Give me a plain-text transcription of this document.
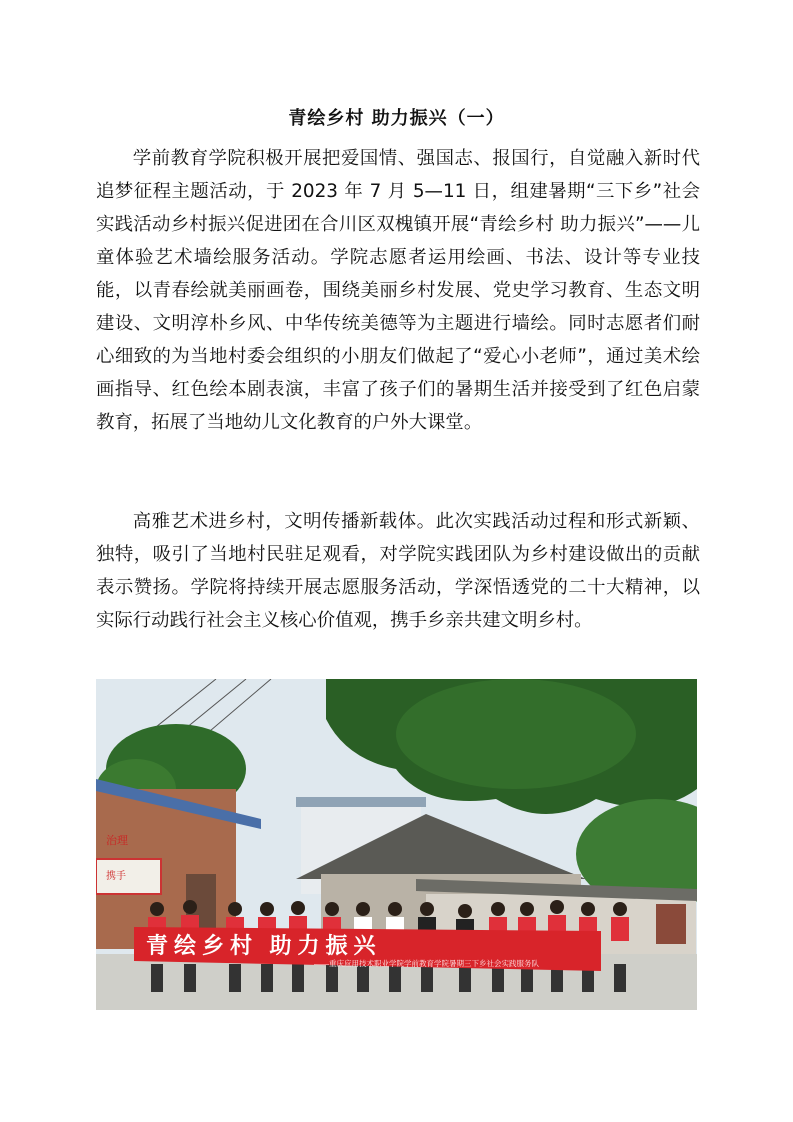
青绘乡村 助力振兴（一）

学前教育学院积极开展把爱国情、强国志、报国行，自觉融入新时代追梦征程主题活动，于 2023 年 7 月 5—11 日，组建暑期“三下乡”社会实践活动乡村振兴促进团在合川区双槐镇开展“青绘乡村 助力振兴”——儿童体验艺术墙绘服务活动。学院志愿者运用绘画、书法、设计等专业技能，以青春绘就美丽画卷，围绕美丽乡村发展、党史学习教育、生态文明建设、文明淳朴乡风、中华传统美德等为主题进行墙绘。同时志愿者们耐心细致的为当地村委会组织的小朋友们做起了“爱心小老师”，通过美术绘画指导、红色绘本剧表演，丰富了孩子们的暑期生活并接受到了红色启蒙教育，拓展了当地幼儿文化教育的户外大课堂。

高雅艺术进乡村，文明传播新载体。此次实践活动过程和形式新颖、独特，吸引了当地村民驻足观看，对学院实践团队为乡村建设做出的贡献表示赞扬。学院将持续开展志愿服务活动，学深悟透党的二十大精神，以实际行动践行社会主义核心价值观，携手乡亲共建文明乡村。

治理
携手
青绘乡村 助力振兴
——重庆应用技术职业学院学前教育学院暑期三下乡社会实践服务队
